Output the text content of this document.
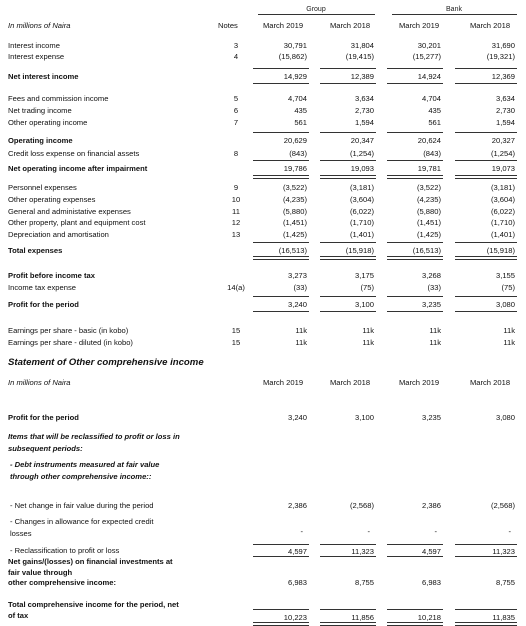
Group	Bank
In millions of Naira	Notes	March 2019	March 2018	March 2019	March 2018
Interest income	3	30,791	31,804	30,201	31,690
Interest expense	4	(15,862)	(19,415)	(15,277)	(19,321)
Net interest income	14,929	12,389	14,924	12,369
Fees and commission income	5	4,704	3,634	4,704	3,634
Net trading income	6	435	2,730	435	2,730
Other operating income	7	561	1,594	561	1,594
Operating income	20,629	20,347	20,624	20,327
Credit loss expense on financial assets	8	(843)	(1,254)	(843)	(1,254)
Net operating income after impairment	19,786	19,093	19,781	19,073
Personnel expenses	9	(3,522)	(3,181)	(3,522)	(3,181)
Other operating expenses	10	(4,235)	(3,604)	(4,235)	(3,604)
General and administative expenses	11	(5,880)	(6,022)	(5,880)	(6,022)
Other property, plant and equipment cost	12	(1,451)	(1,710)	(1,451)	(1,710)
Depreciation and amortisation	13	(1,425)	(1,401)	(1,425)	(1,401)
Total expenses	(16,513)	(15,918)	(16,513)	(15,918)
Profit before income tax	3,273	3,175	3,268	3,155
Income tax expense	14(a)	(33)	(75)	(33)	(75)
Profit for the period	3,240	3,100	3,235	3,080
Earnings per share - basic (in kobo)	15	11k	11k	11k	11k
Earnings per share - diluted (in kobo)	15	11k	11k	11k	11k
Statement of Other comprehensive income
In millions of Naira	March 2019	March 2018	March 2019	March 2018
Profit for the period	3,240	3,100	3,235	3,080
Items that will be reclassified to profit or loss in
subsequent periods:
- Debt instruments measured at fair value
through other comprehensive income::
- Net change in fair value during the period	2,386	(2,568)	2,386	(2,568)
- Changes in allowance for expected credit
losses	-	-	-	-
- Reclassification to profit or loss	4,597	11,323	4,597	11,323
Net gains/(losses) on financial investments at
fair value through
other comprehensive income:	6,983	8,755	6,983	8,755
Total comprehensive income for the period, net
of tax	10,223	11,856	10,218	11,835
